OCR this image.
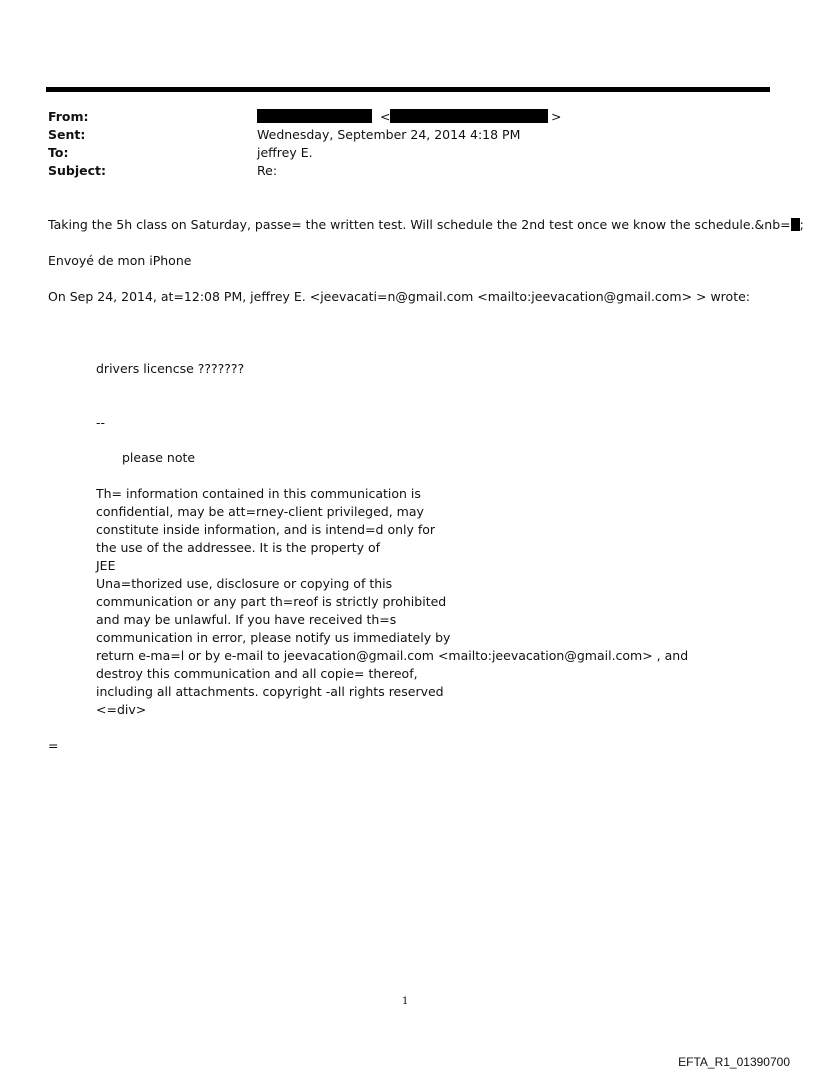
From:
Sent:
To:
Subject:
<	>
Wednesday, September 24, 2014 4:18 PM
jeffrey E.
Re:
Taking the 5h class on Saturday, passe= the written test. Will schedule the 2nd test once we know the schedule.&nb= ;
Envoyé de mon iPhone
On Sep 24, 2014, at=12:08 PM, jeffrey E. <jeevacati=n@gmail.com <mailto:jeevacation@gmail.com> > wrote:
drivers licencse ???????
--
please note
Th= information contained in this communication is
confidential, may be att=rney-client privileged, may
constitute inside information, and is intend=d only for
the use of the addressee. It is the property of
JEE
Una=thorized use, disclosure or copying of this
communication or any part th=reof is strictly prohibited
and may be unlawful. If you have received th=s
communication in error, please notify us immediately by
return e-ma=l or by e-mail to jeevacation@gmail.com <mailto:jeevacation@gmail.com> , and
destroy this communication and all copie= thereof,
including all attachments. copyright -all rights reserved
<=div>
=
1
EFTA_R1_01390700
